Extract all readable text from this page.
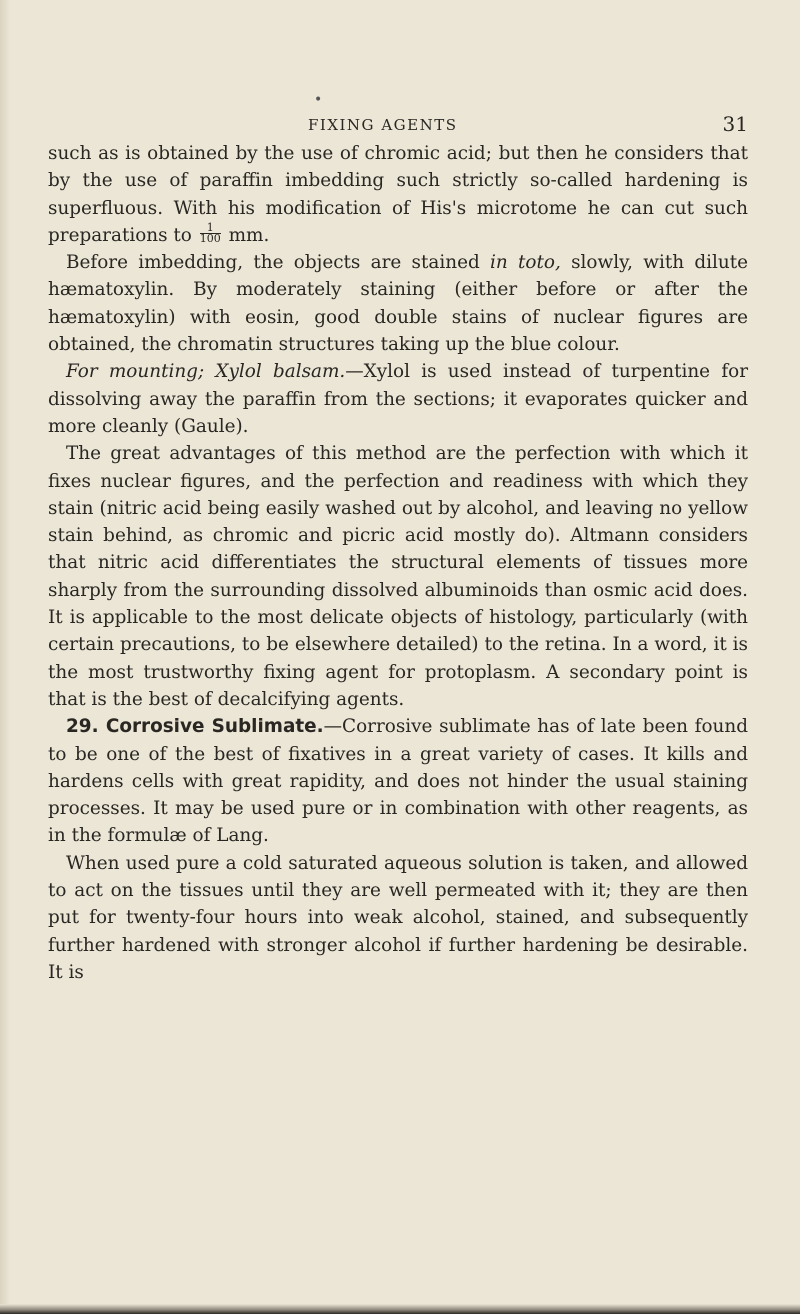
•
FIXING AGENTS	31

such as is obtained by the use of chromic acid; but then he considers that by the use of paraffin imbedding such strictly so-called hardening is superfluous. With his modification of His's microtome he can cut such preparations to $\frac{1}{100}$ mm.

Before imbedding, the objects are stained in toto, slowly, with dilute hæmatoxylin. By moderately staining (either before or after the hæmatoxylin) with eosin, good double stains of nuclear figures are obtained, the chromatin structures taking up the blue colour.

For mounting; Xylol balsam.—Xylol is used instead of turpentine for dissolving away the paraffin from the sections; it evaporates quicker and more cleanly (Gaule).

The great advantages of this method are the perfection with which it fixes nuclear figures, and the perfection and readiness with which they stain (nitric acid being easily washed out by alcohol, and leaving no yellow stain behind, as chromic and picric acid mostly do). Altmann considers that nitric acid differentiates the structural elements of tissues more sharply from the surrounding dissolved albuminoids than osmic acid does. It is applicable to the most delicate objects of histology, particularly (with certain precautions, to be elsewhere detailed) to the retina. In a word, it is the most trustworthy fixing agent for protoplasm. A secondary point is that is the best of decalcifying agents.

29. Corrosive Sublimate.—Corrosive sublimate has of late been found to be one of the best of fixatives in a great variety of cases. It kills and hardens cells with great rapidity, and does not hinder the usual staining processes. It may be used pure or in combination with other reagents, as in the formulæ of Lang.

When used pure a cold saturated aqueous solution is taken, and allowed to act on the tissues until they are well permeated with it; they are then put for twenty-four hours into weak alcohol, stained, and subsequently further hardened with stronger alcohol if further hardening be desirable. It is
